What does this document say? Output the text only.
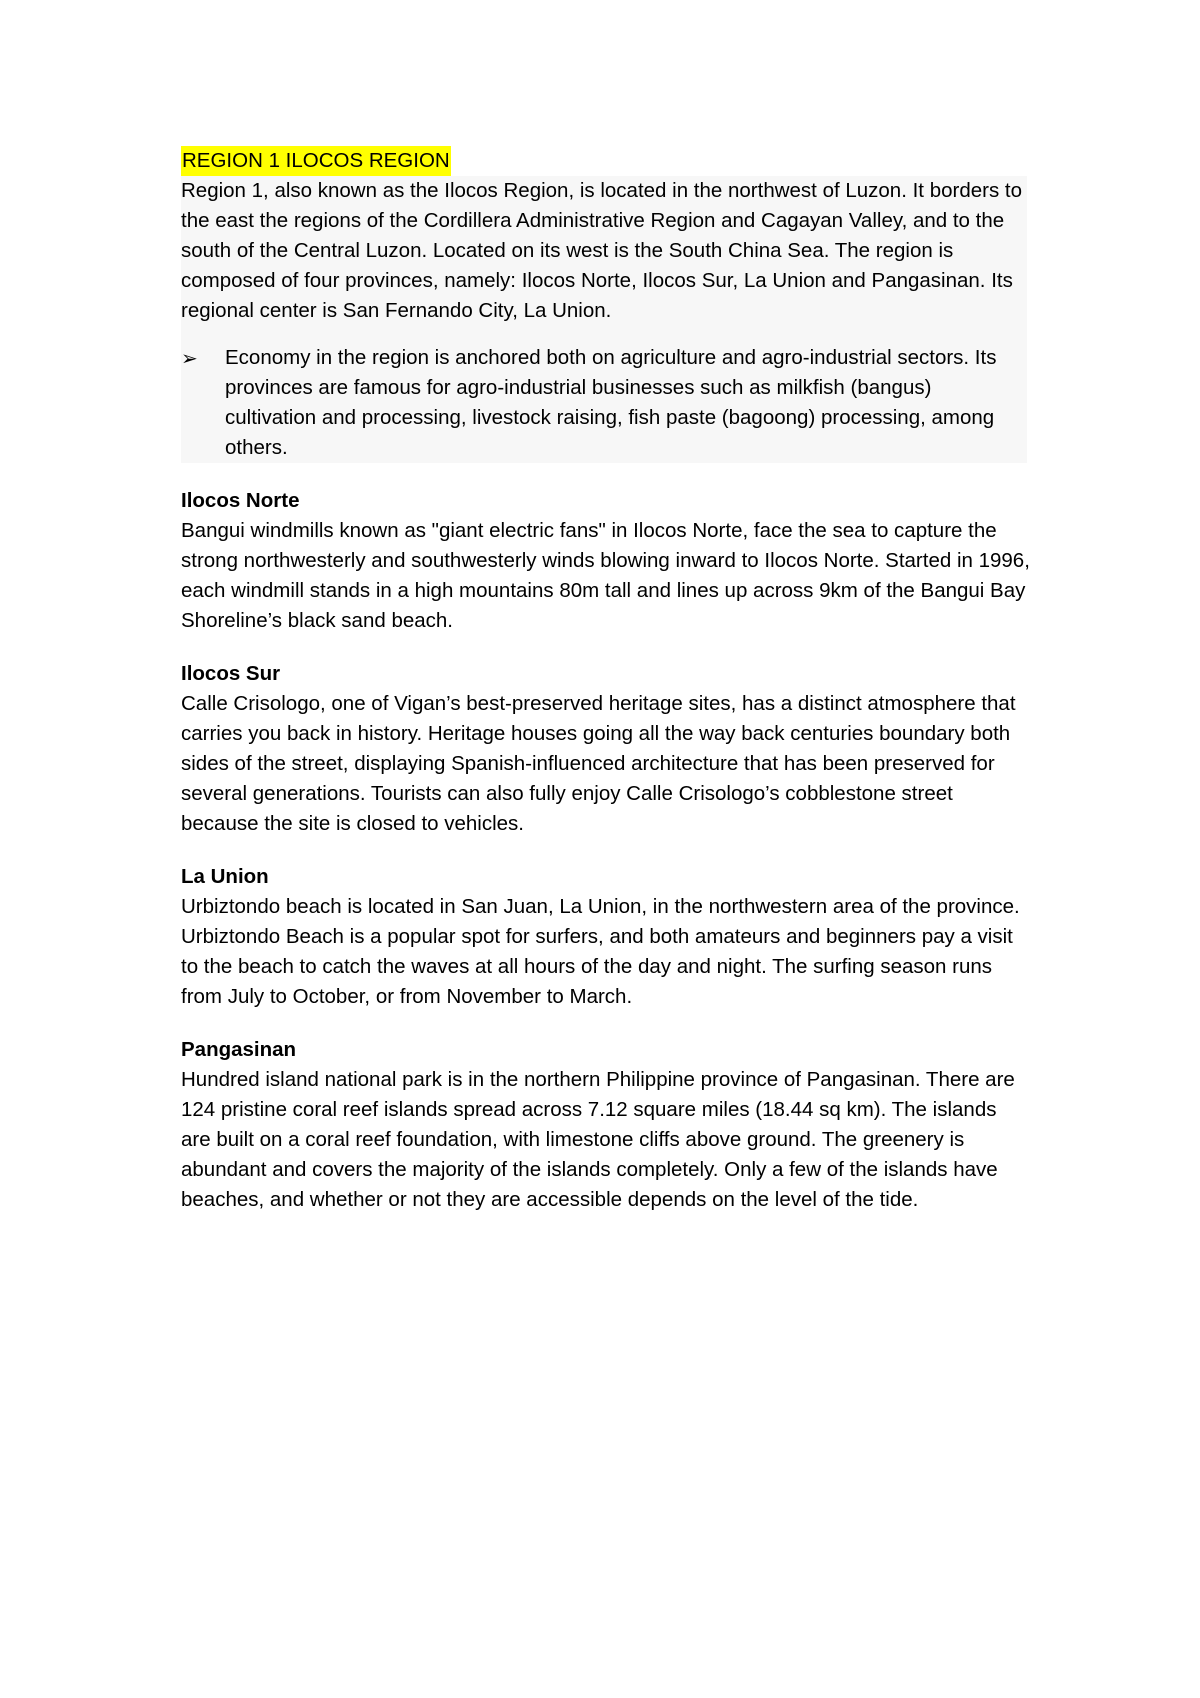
REGION 1 ILOCOS REGION

Region 1, also known as the Ilocos Region, is located in the northwest of Luzon. It borders to the east the regions of the Cordillera Administrative Region and Cagayan Valley, and to the south of the Central Luzon. Located on its west is the South China Sea. The region is composed of four provinces, namely: Ilocos Norte, Ilocos Sur, La Union and Pangasinan. Its regional center is San Fernando City, La Union.

➢	Economy in the region is anchored both on agriculture and agro-industrial sectors. Its provinces are famous for agro-industrial businesses such as milkfish (bangus) cultivation and processing, livestock raising, fish paste (bagoong) processing, among others.

Ilocos Norte

Bangui windmills known as "giant electric fans" in Ilocos Norte, face the sea to capture the strong northwesterly and southwesterly winds blowing inward to Ilocos Norte. Started in 1996, each windmill stands in a high mountains 80m tall and lines up across 9km of the Bangui Bay Shoreline’s black sand beach.

Ilocos Sur

Calle Crisologo, one of Vigan’s best-preserved heritage sites, has a distinct atmosphere that carries you back in history. Heritage houses going all the way back centuries boundary both sides of the street, displaying Spanish-influenced architecture that has been preserved for several generations. Tourists can also fully enjoy Calle Crisologo’s cobblestone street because the site is closed to vehicles.

La Union

Urbiztondo beach is located in San Juan, La Union, in the northwestern area of the province. Urbiztondo Beach is a popular spot for surfers, and both amateurs and beginners pay a visit to the beach to catch the waves at all hours of the day and night. The surfing season runs from July to October, or from November to March.

Pangasinan

Hundred island national park is in the northern Philippine province of Pangasinan. There are 124 pristine coral reef islands spread across 7.12 square miles (18.44 sq km). The islands are built on a coral reef foundation, with limestone cliffs above ground. The greenery is abundant and covers the majority of the islands completely. Only a few of the islands have beaches, and whether or not they are accessible depends on the level of the tide.
